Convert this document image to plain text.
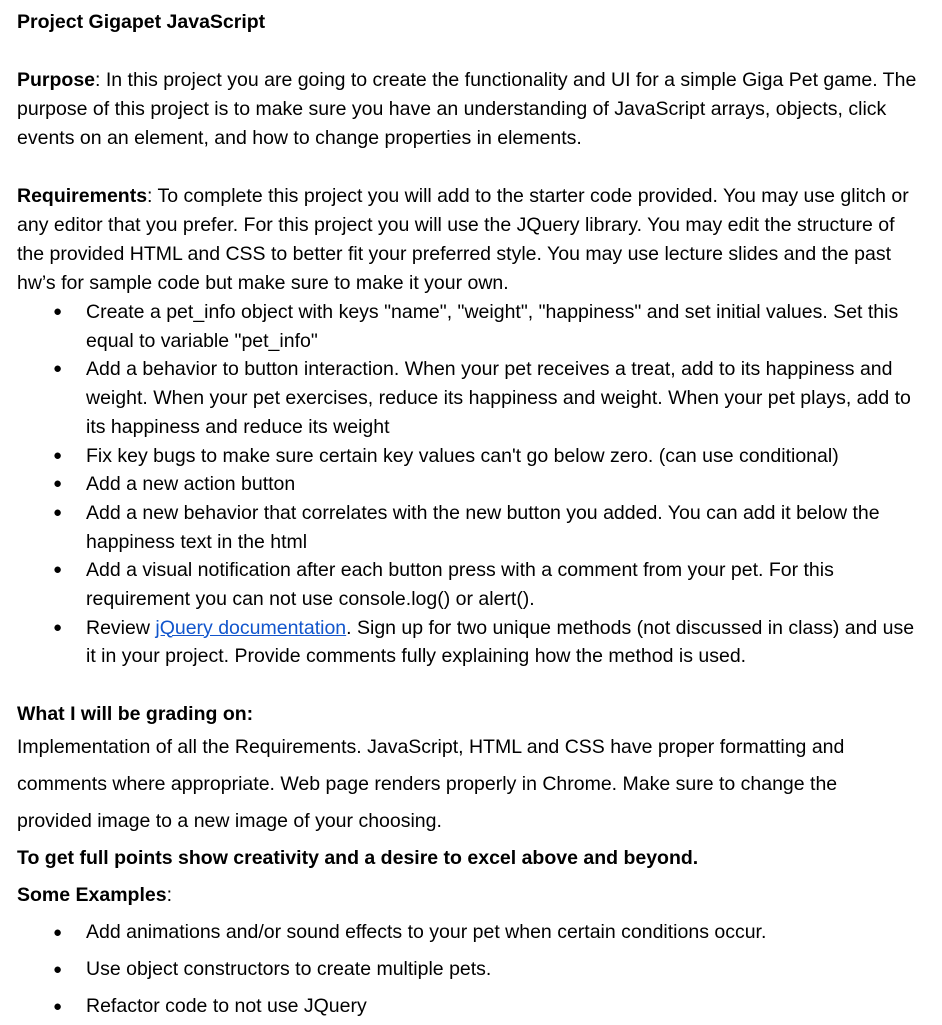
Project Gigapet JavaScript

Purpose: In this project you are going to create the functionality and UI for a simple Giga Pet game. The purpose of this project is to make sure you have an understanding of JavaScript arrays, objects, click events on an element, and how to change properties in elements.

Requirements: To complete this project you will add to the starter code provided. You may use glitch or any editor that you prefer. For this project you will use the JQuery library. You may edit the structure of the provided HTML and CSS to better fit your preferred style. You may use lecture slides and the past hw’s for sample code but make sure to make it your own.

● Create a pet_info object with keys "name", "weight", "happiness" and set initial values. Set this equal to variable "pet_info"
● Add a behavior to button interaction. When your pet receives a treat, add to its happiness and weight. When your pet exercises, reduce its happiness and weight. When your pet plays, add to its happiness and reduce its weight
● Fix key bugs to make sure certain key values can't go below zero. (can use conditional)
● Add a new action button
● Add a new behavior that correlates with the new button you added. You can add it below the happiness text in the html
● Add a visual notification after each button press with a comment from your pet. For this requirement you can not use console.log() or alert().
● Review jQuery documentation. Sign up for two unique methods (not discussed in class) and use it in your project. Provide comments fully explaining how the method is used.
What I will be grading on:
Implementation of all the Requirements. JavaScript, HTML and CSS have proper formatting and
comments where appropriate. Web page renders properly in Chrome. Make sure to change the
provided image to a new image of your choosing.
To get full points show creativity and a desire to excel above and beyond.
Some Examples:
● Add animations and/or sound effects to your pet when certain conditions occur.
● Use object constructors to create multiple pets.
● Refactor code to not use JQuery
